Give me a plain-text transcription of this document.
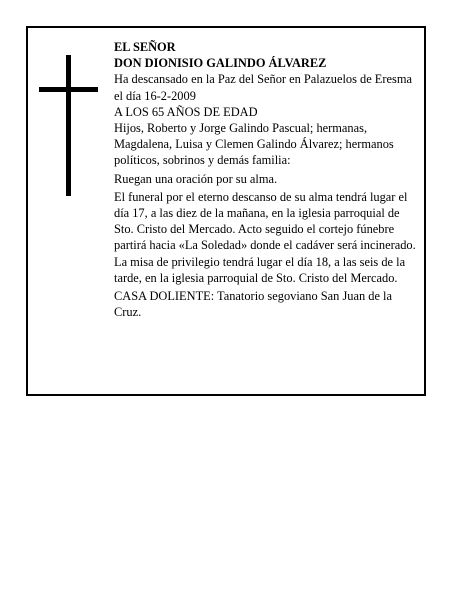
EL SEÑOR

DON DIONISIO GALINDO ÁLVAREZ

Ha descansado en la Paz del Señor en Palazuelos de Eresma el día 16-2-2009

A LOS 65 AÑOS DE EDAD

Hijos, Roberto y Jorge Galindo Pascual; hermanas, Magdalena, Luisa y Clemen Galindo Álvarez; hermanos políticos, sobrinos y demás familia:

Ruegan una oración por su alma.

El funeral por el eterno descanso de su alma tendrá lugar el día 17, a las diez de la mañana, en la iglesia parroquial de Sto. Cristo del Mercado. Acto seguido el cortejo fúnebre partirá hacia «La Soledad» donde el cadáver será incinerado. La misa de privilegio tendrá lugar el día 18, a las seis de la tarde, en la iglesia parroquial de Sto. Cristo del Mercado.

CASA DOLIENTE: Tanatorio segoviano San Juan de la Cruz.
